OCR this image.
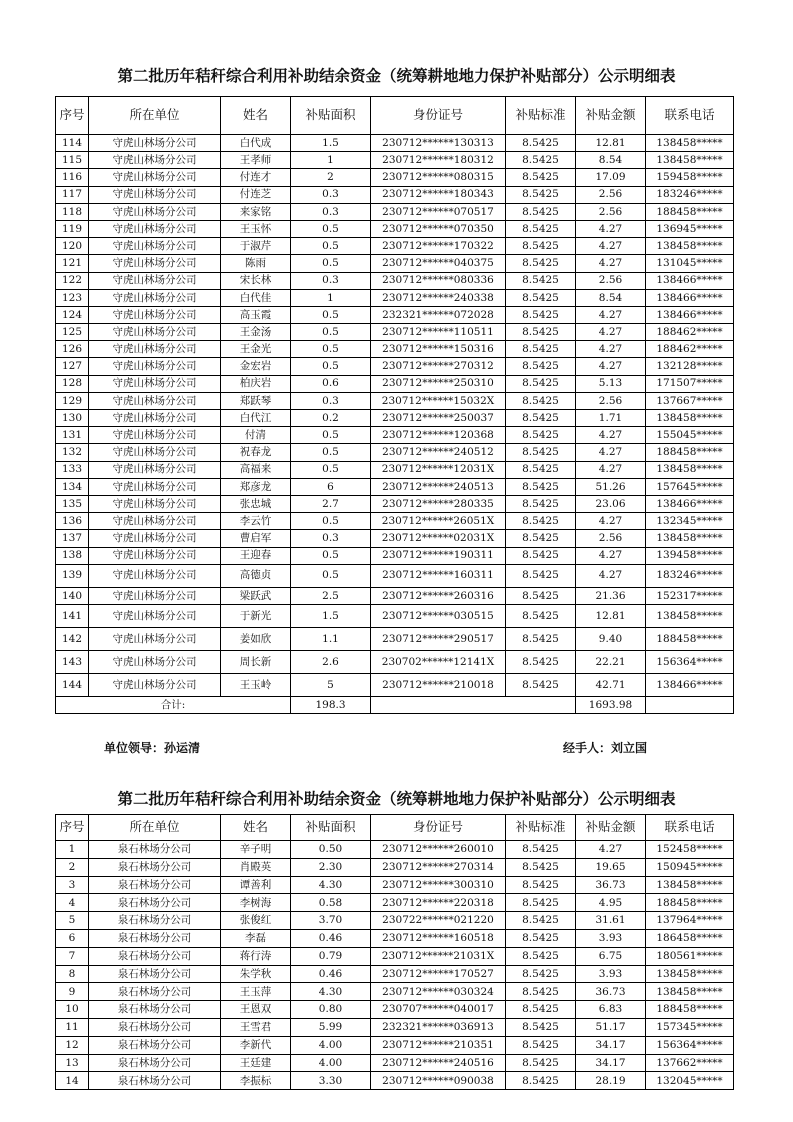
第二批历年秸秆综合利用补助结余资金（统筹耕地地力保护补贴部分）公示明细表
序号	所在单位	姓名	补贴面积	身份证号	补贴标准	补贴金额	联系电话
114	守虎山林场分公司	白代成	1.5	230712******130313	8.5425	12.81	138458*****
115	守虎山林场分公司	王孝师	1	230712******180312	8.5425	8.54	138458*****
116	守虎山林场分公司	付连才	2	230712******080315	8.5425	17.09	159458*****
117	守虎山林场分公司	付连芝	0.3	230712******180343	8.5425	2.56	183246*****
118	守虎山林场分公司	来家铭	0.3	230712******070517	8.5425	2.56	188458*****
119	守虎山林场分公司	王玉怀	0.5	230712******070350	8.5425	4.27	136945*****
120	守虎山林场分公司	于淑芹	0.5	230712******170322	8.5425	4.27	138458*****
121	守虎山林场分公司	陈雨	0.5	230712******040375	8.5425	4.27	131045*****
122	守虎山林场分公司	宋长林	0.3	230712******080336	8.5425	2.56	138466*****
123	守虎山林场分公司	白代佳	1	230712******240338	8.5425	8.54	138466*****
124	守虎山林场分公司	高玉霞	0.5	232321******072028	8.5425	4.27	138466*****
125	守虎山林场分公司	王金汤	0.5	230712******110511	8.5425	4.27	188462*****
126	守虎山林场分公司	王金光	0.5	230712******150316	8.5425	4.27	188462*****
127	守虎山林场分公司	金宏岩	0.5	230712******270312	8.5425	4.27	132128*****
128	守虎山林场分公司	柏庆岩	0.6	230712******250310	8.5425	5.13	171507*****
129	守虎山林场分公司	郑跃琴	0.3	230712******15032X	8.5425	2.56	137667*****
130	守虎山林场分公司	白代江	0.2	230712******250037	8.5425	1.71	138458*****
131	守虎山林场分公司	付清	0.5	230712******120368	8.5425	4.27	155045*****
132	守虎山林场分公司	祝春龙	0.5	230712******240512	8.5425	4.27	188458*****
133	守虎山林场分公司	高福来	0.5	230712******12031X	8.5425	4.27	138458*****
134	守虎山林场分公司	郑彦龙	6	230712******240513	8.5425	51.26	157645*****
135	守虎山林场分公司	张忠城	2.7	230712******280335	8.5425	23.06	138466*****
136	守虎山林场分公司	李云竹	0.5	230712******26051X	8.5425	4.27	132345*****
137	守虎山林场分公司	曹启军	0.3	230712******02031X	8.5425	2.56	138458*****
138	守虎山林场分公司	王迎春	0.5	230712******190311	8.5425	4.27	139458*****
139	守虎山林场分公司	高德贞	0.5	230712******160311	8.5425	4.27	183246*****
140	守虎山林场分公司	梁跃武	2.5	230712******260316	8.5425	21.36	152317*****
141	守虎山林场分公司	于新光	1.5	230712******030515	8.5425	12.81	138458*****
142	守虎山林场分公司	姜如欣	1.1	230712******290517	8.5425	9.40	188458*****
143	守虎山林场分公司	周长新	2.6	230702******12141X	8.5425	22.21	156364*****
144	守虎山林场分公司	王玉岭	5	230712******210018	8.5425	42.71	138466*****
合计:			198.3			1693.98	
单位领导：孙运清	经手人：刘立国
第二批历年秸秆综合利用补助结余资金（统筹耕地地力保护补贴部分）公示明细表
序号	所在单位	姓名	补贴面积	身份证号	补贴标准	补贴金额	联系电话
1	泉石林场分公司	辛子明	0.50	230712******260010	8.5425	4.27	152458*****
2	泉石林场分公司	肖殿英	2.30	230712******270314	8.5425	19.65	150945*****
3	泉石林场分公司	谭善利	4.30	230712******300310	8.5425	36.73	138458*****
4	泉石林场分公司	李树海	0.58	230712******220318	8.5425	4.95	188458*****
5	泉石林场分公司	张俊红	3.70	230722******021220	8.5425	31.61	137964*****
6	泉石林场分公司	李磊	0.46	230712******160518	8.5425	3.93	186458*****
7	泉石林场分公司	蒋行涛	0.79	230712******21031X	8.5425	6.75	180561*****
8	泉石林场分公司	朱学秋	0.46	230712******170527	8.5425	3.93	138458*****
9	泉石林场分公司	王玉萍	4.30	230712******030324	8.5425	36.73	138458*****
10	泉石林场分公司	王恩双	0.80	230707******040017	8.5425	6.83	188458*****
11	泉石林场分公司	王雪君	5.99	232321******036913	8.5425	51.17	157345*****
12	泉石林场分公司	李新代	4.00	230712******210351	8.5425	34.17	156364*****
13	泉石林场分公司	王廷建	4.00	230712******240516	8.5425	34.17	137662*****
14	泉石林场分公司	李振标	3.30	230712******090038	8.5425	28.19	132045*****
